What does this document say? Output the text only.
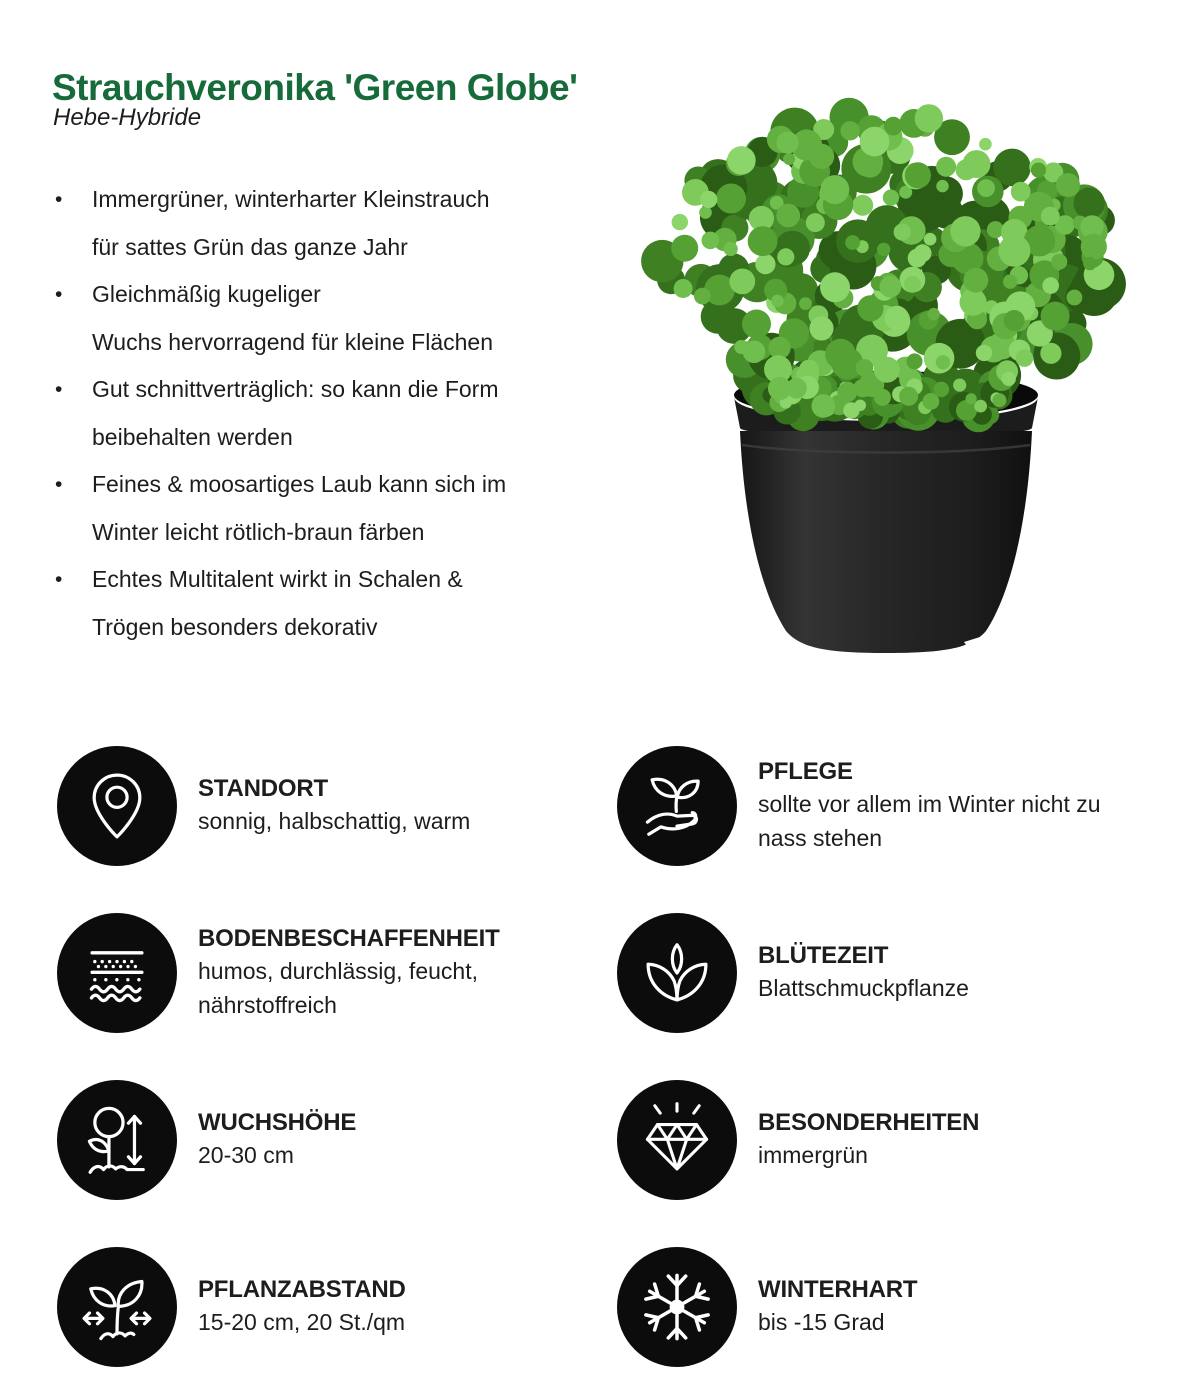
Strauchveronika 'Green Globe'
Hebe-Hybride
• Immergrüner, winterharter Kleinstrauch
für sattes Grün das ganze Jahr
• Gleichmäßig kugeliger
Wuchs hervorragend für kleine Flächen
• Gut schnittverträglich: so kann die Form
beibehalten werden
• Feines & moosartiges Laub kann sich im
Winter leicht rötlich-braun färben
• Echtes Multitalent wirkt in Schalen &
Trögen besonders dekorativ
STANDORT
sonnig, halbschattig, warm
PFLEGE
sollte vor allem im Winter nicht zu nass stehen
BODENBESCHAFFENHEIT
humos, durchlässig, feucht, nährstoffreich
BLÜTEZEIT
Blattschmuckpflanze
WUCHSHÖHE
20-30 cm
BESONDERHEITEN
immergrün
PFLANZABSTAND
15-20 cm, 20 St./qm
WINTERHART
bis -15 Grad
